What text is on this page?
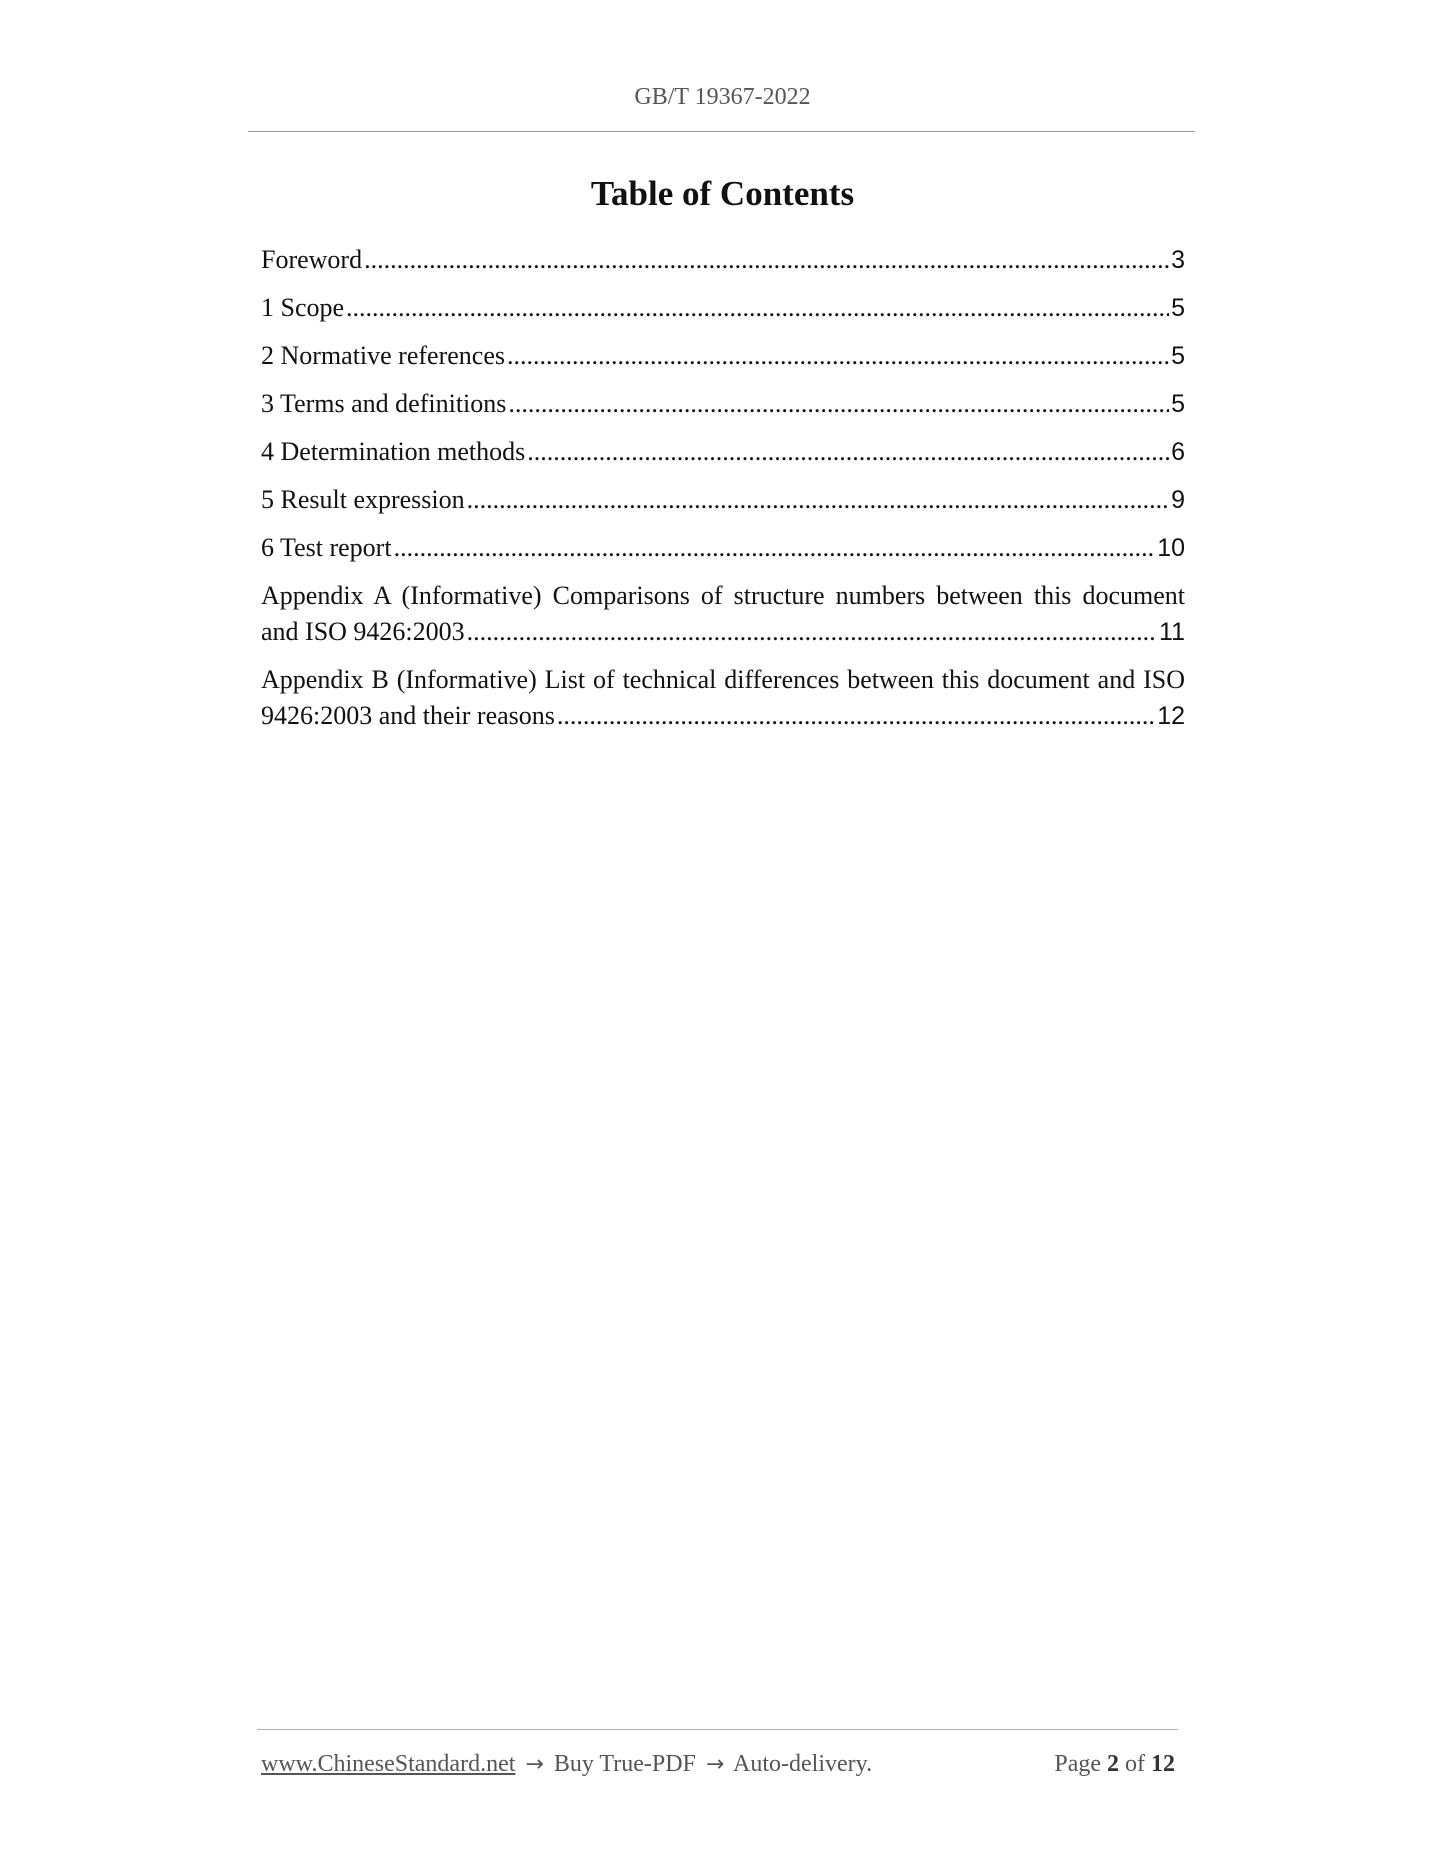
GB/T 19367-2022
Table of Contents
Foreword .....	3
1 Scope .....	5
2 Normative references .....	5
3 Terms and definitions .....	5
4 Determination methods .....	6
5 Result expression .....	9
6 Test report .....	10
Appendix A (Informative) Comparisons of structure numbers between this document
and ISO 9426:2003 .....	11
Appendix B (Informative) List of technical differences between this document and ISO
9426:2003 and their reasons .....	12
www.ChineseStandard.net → Buy True-PDF → Auto-delivery.	Page 2 of 12
